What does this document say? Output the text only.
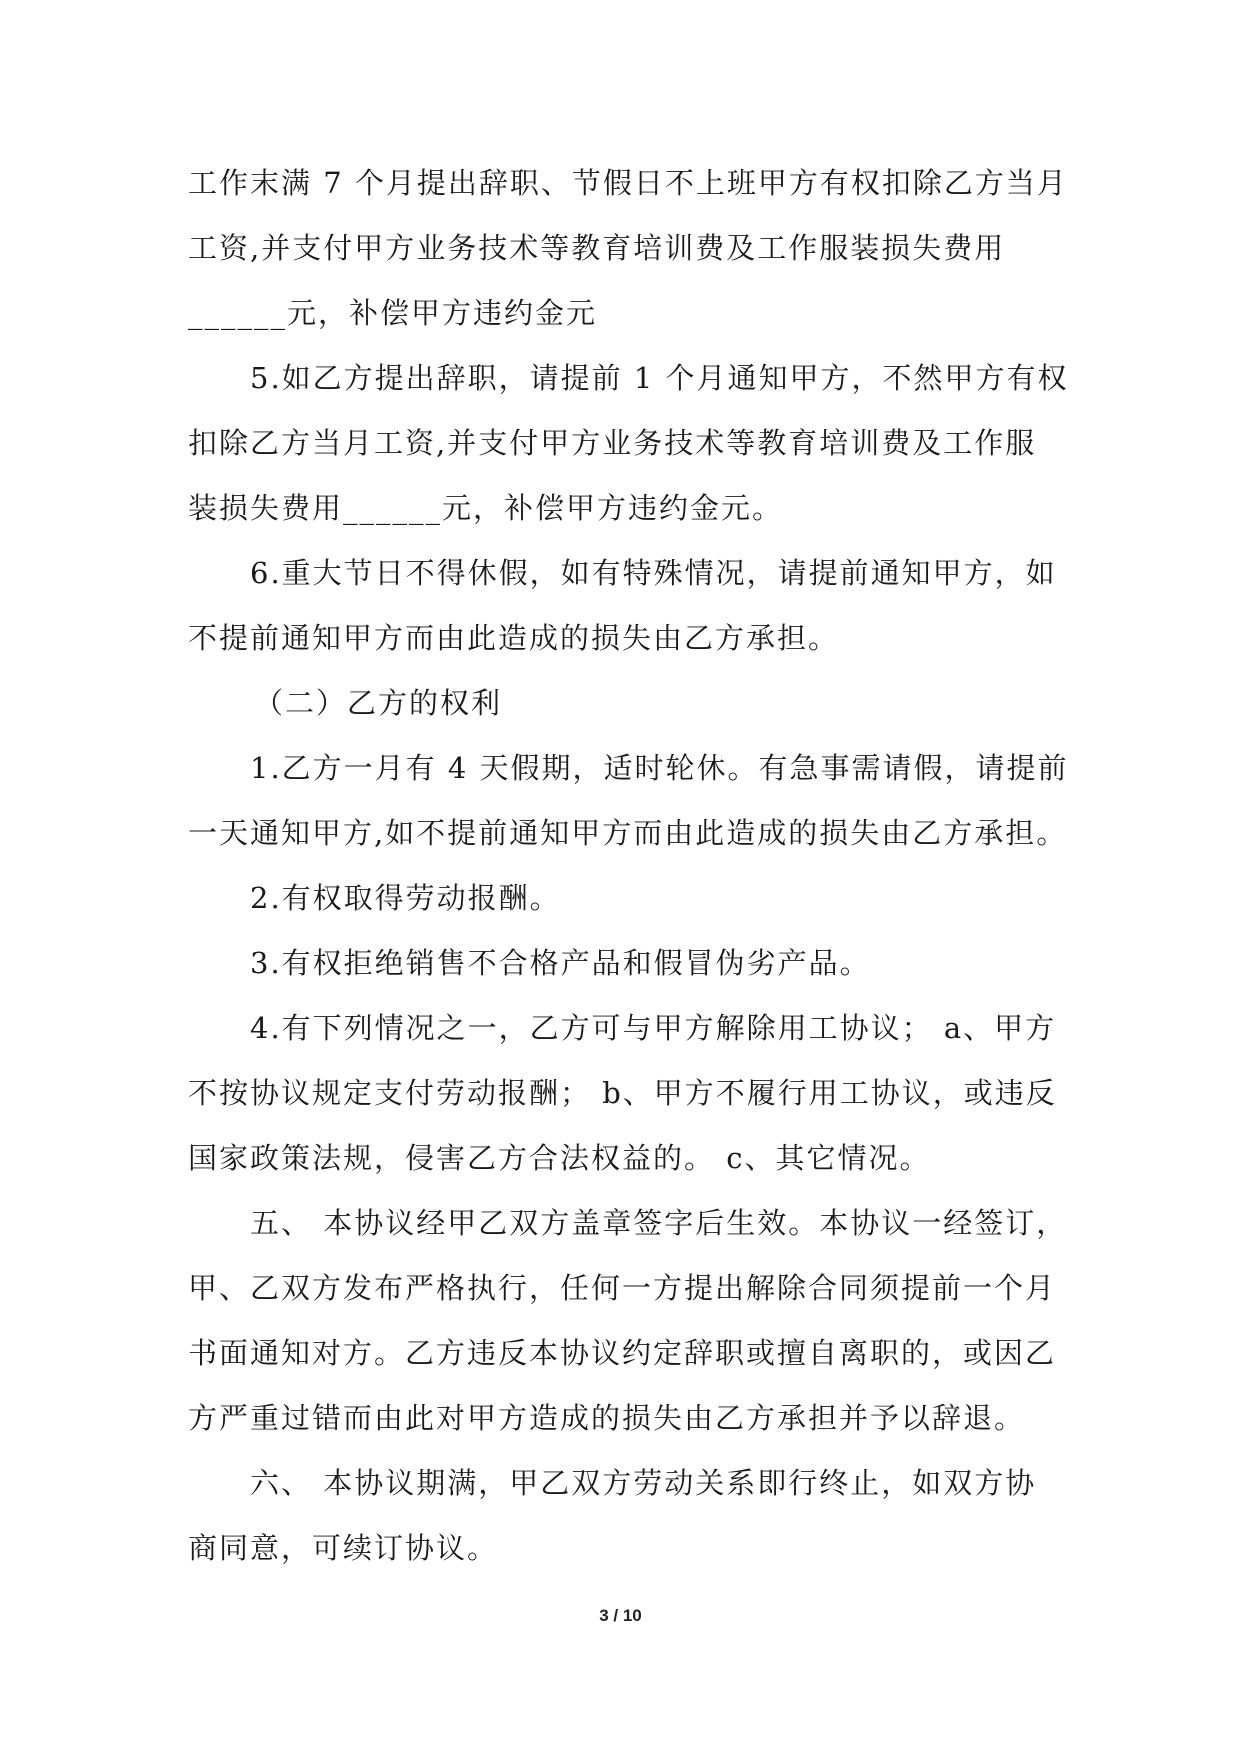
工作末满 7 个月提出辞职、节假日不上班甲方有权扣除乙方当月
工资,并支付甲方业务技术等教育培训费及工作服装损失费用
______元，补偿甲方违约金元
5.如乙方提出辞职，请提前 1 个月通知甲方，不然甲方有权
扣除乙方当月工资,并支付甲方业务技术等教育培训费及工作服
装损失费用______元，补偿甲方违约金元。
6.重大节日不得休假，如有特殊情况，请提前通知甲方，如
不提前通知甲方而由此造成的损失由乙方承担。
（二）乙方的权利
1.乙方一月有 4 天假期，适时轮休。有急事需请假，请提前
一天通知甲方,如不提前通知甲方而由此造成的损失由乙方承担。
2.有权取得劳动报酬。
3.有权拒绝销售不合格产品和假冒伪劣产品。
4.有下列情况之一，乙方可与甲方解除用工协议； a、甲方
不按协议规定支付劳动报酬； b、甲方不履行用工协议，或违反
国家政策法规，侵害乙方合法权益的。 c、其它情况。
五、 本协议经甲乙双方盖章签字后生效。本协议一经签订，
甲、乙双方发布严格执行，任何一方提出解除合同须提前一个月
书面通知对方。乙方违反本协议约定辞职或擅自离职的，或因乙
方严重过错而由此对甲方造成的损失由乙方承担并予以辞退。
六、 本协议期满，甲乙双方劳动关系即行终止，如双方协
商同意，可续订协议。
3 / 10
